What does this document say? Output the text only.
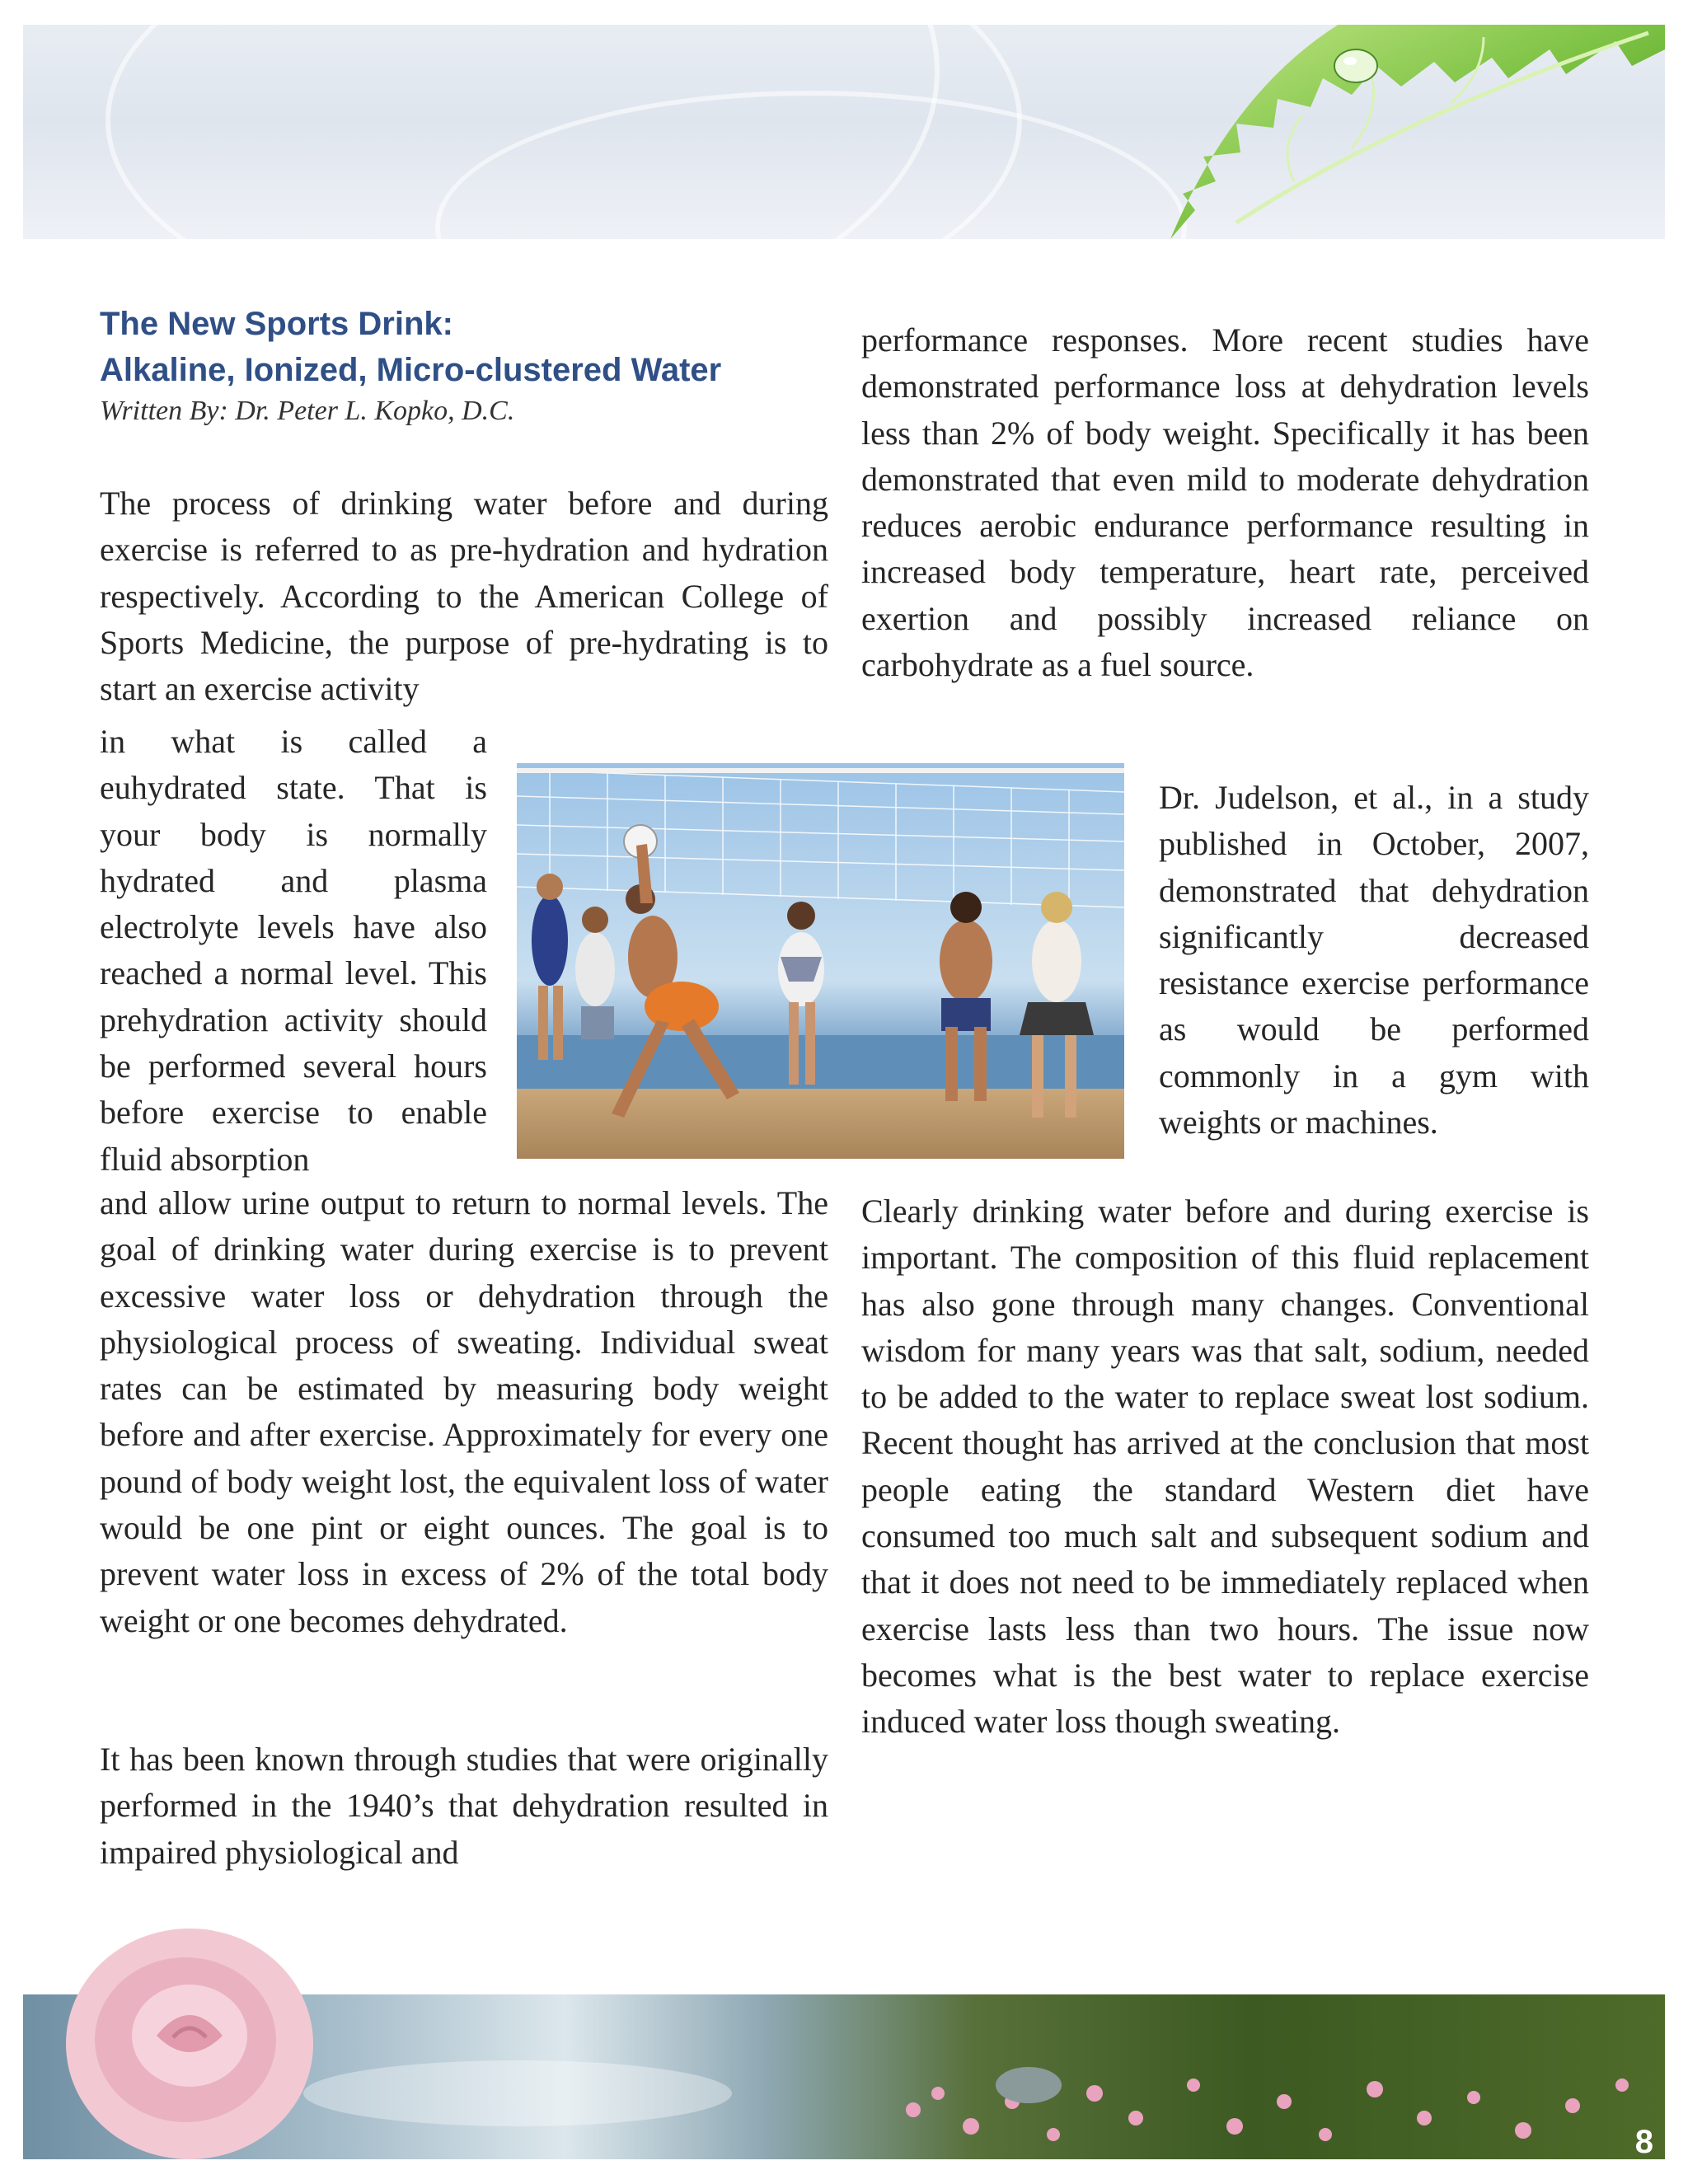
The New Sports Drink:
Alkaline, Ionized, Micro-clustered Water
Written By: Dr. Peter L. Kopko, D.C.

The process of drinking water before and during exercise is referred to as pre-hydration and hydration respectively. According to the American College of Sports Medicine, the purpose of pre-hydrating is to start an exercise activity

in what is called a euhydrated state. That is your body is normally hydrated and plasma electrolyte levels have also reached a normal level. This prehydration activity should be performed several hours before exercise to enable fluid absorption

and allow urine output to return to normal levels. The goal of drinking water during exercise is to prevent excessive water loss or dehydration through the physiological process of sweating. Individual sweat rates can be estimated by measuring body weight before and after exercise. Approximately for every one pound of body weight lost, the equivalent loss of water would be one pint or eight ounces. The goal is to prevent water loss in excess of 2% of the total body weight or one becomes dehydrated.

It has been known through studies that were originally performed in the 1940’s that dehydration resulted in impaired physiological and

performance responses. More recent studies have demonstrated performance loss at dehydration levels less than 2% of body weight. Specifically it has been demonstrated that even mild to moderate dehydration reduces aerobic endurance performance resulting in increased body temperature, heart rate, perceived exertion and possibly increased reliance on carbohydrate as a fuel source.

Dr. Judelson, et al., in a study published in October, 2007, demonstrated that dehydration significantly decreased resistance exercise performance as would be performed commonly in a gym with weights or machines.

Clearly drinking water before and during exercise is important. The composition of this fluid replacement has also gone through many changes. Conventional wisdom for many years was that salt, sodium, needed to be added to the water to replace sweat lost sodium. Recent thought has arrived at the conclusion that most people eating the standard Western diet have consumed too much salt and subsequent sodium and that it does not need to be immediately replaced when exercise lasts less than two hours. The issue now becomes what is the best water to replace exercise induced water loss though sweating.

8
